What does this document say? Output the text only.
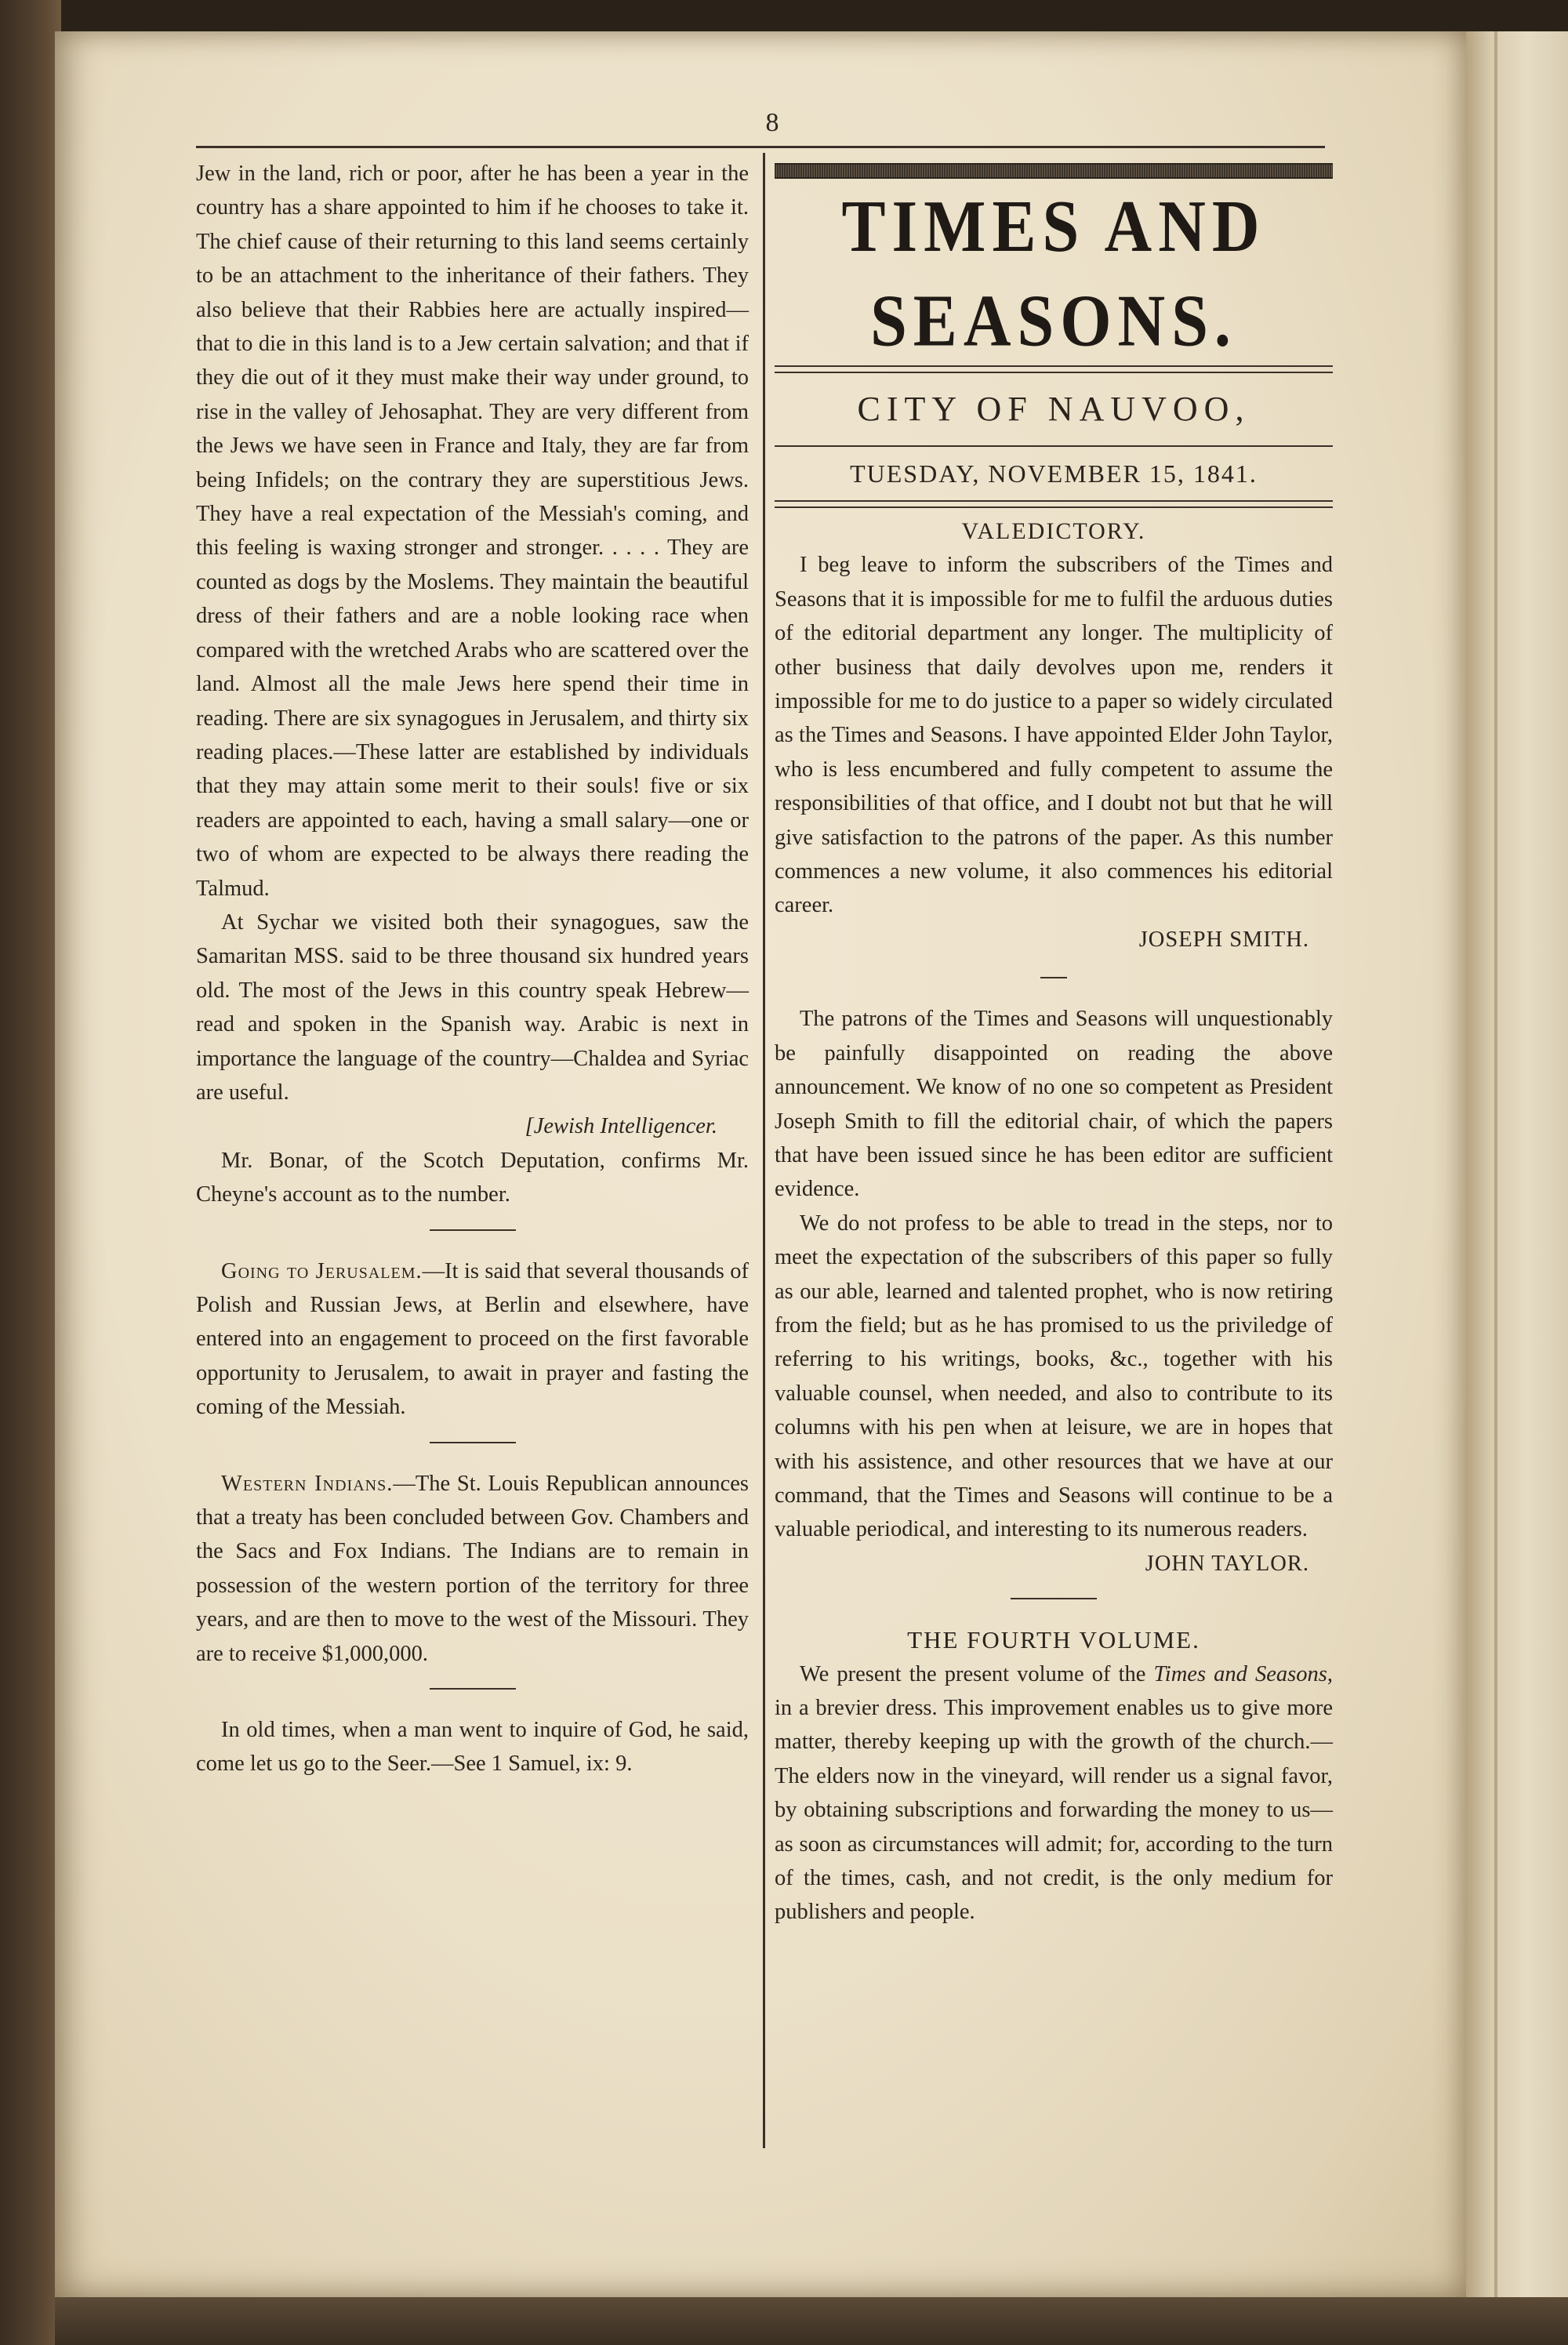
8

Jew in the land, rich or poor, after he has been a year in the country has a share appointed to him if he chooses to take it. The chief cause of their returning to this land seems certainly to be an attachment to the inheritance of their fathers. They also believe that their Rabbies here are actually inspired—that to die in this land is to a Jew certain salvation; and that if they die out of it they must make their way under ground, to rise in the valley of Jehosaphat. They are very different from the Jews we have seen in France and Italy, they are far from being Infidels; on the contrary they are superstitious Jews. They have a real expectation of the Messiah's coming, and this feeling is waxing stronger and stronger. . . . . They are counted as dogs by the Moslems. They maintain the beautiful dress of their fathers and are a noble looking race when compared with the wretched Arabs who are scattered over the land. Almost all the male Jews here spend their time in reading. There are six synagogues in Jerusalem, and thirty six reading places.—These latter are established by individuals that they may attain some merit to their souls! five or six readers are appointed to each, having a small salary—one or two of whom are expected to be always there reading the Talmud.

At Sychar we visited both their synagogues, saw the Samaritan MSS. said to be three thousand six hundred years old. The most of the Jews in this country speak Hebrew—read and spoken in the Spanish way. Arabic is next in importance the language of the country—Chaldea and Syriac are useful.

[Jewish Intelligencer.

Mr. Bonar, of the Scotch Deputation, confirms Mr. Cheyne's account as to the number.

Going to Jerusalem.—It is said that several thousands of Polish and Russian Jews, at Berlin and elsewhere, have entered into an engagement to proceed on the first favorable opportunity to Jerusalem, to await in prayer and fasting the coming of the Messiah.

Western Indians.—The St. Louis Republican announces that a treaty has been concluded between Gov. Chambers and the Sacs and Fox Indians. The Indians are to remain in possession of the western portion of the territory for three years, and are then to move to the west of the Missouri. They are to receive $1,000,000.

In old times, when a man went to inquire of God, he said, come let us go to the Seer.—See 1 Samuel, ix: 9.

TIMES AND SEASONS.
CITY OF NAUVOO,
TUESDAY, NOVEMBER 15, 1841.

VALEDICTORY.

I beg leave to inform the subscribers of the Times and Seasons that it is impossible for me to fulfil the arduous duties of the editorial department any longer. The multiplicity of other business that daily devolves upon me, renders it impossible for me to do justice to a paper so widely circulated as the Times and Seasons. I have appointed Elder John Taylor, who is less encumbered and fully competent to assume the responsibilities of that office, and I doubt not but that he will give satisfaction to the patrons of the paper. As this number commences a new volume, it also commences his editorial career.

JOSEPH SMITH.

The patrons of the Times and Seasons will unquestionably be painfully disappointed on reading the above announcement. We know of no one so competent as President Joseph Smith to fill the editorial chair, of which the papers that have been issued since he has been editor are sufficient evidence.

We do not profess to be able to tread in the steps, nor to meet the expectation of the subscribers of this paper so fully as our able, learned and talented prophet, who is now retiring from the field; but as he has promised to us the priviledge of referring to his writings, books, &c., together with his valuable counsel, when needed, and also to contribute to its columns with his pen when at leisure, we are in hopes that with his assistence, and other resources that we have at our command, that the Times and Seasons will continue to be a valuable periodical, and interesting to its numerous readers.

JOHN TAYLOR.

THE FOURTH VOLUME.

We present the present volume of the Times and Seasons, in a brevier dress. This improvement enables us to give more matter, thereby keeping up with the growth of the church.—The elders now in the vineyard, will render us a signal favor, by obtaining subscriptions and forwarding the money to us—as soon as circumstances will admit; for, according to the turn of the times, cash, and not credit, is the only medium for publishers and people.
